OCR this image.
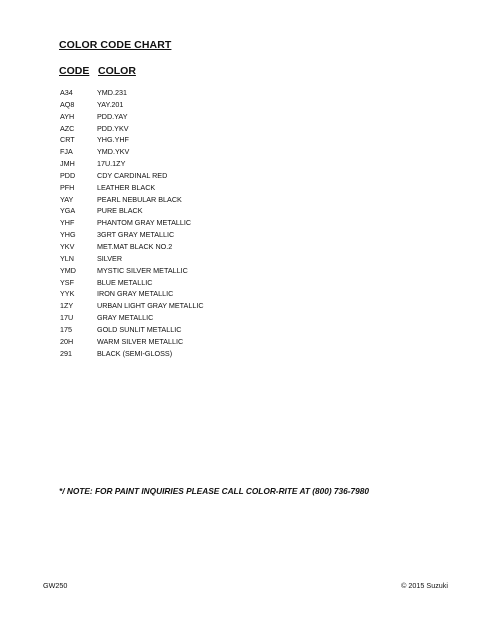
COLOR CODE CHART
CODE COLOR
A34	YMD.231
AQ8	YAY.201
AYH	PDD.YAY
AZC	PDD.YKV
CRT	YHG.YHF
FJA	YMD.YKV
JMH	17U.1ZY
PDD	CDY CARDINAL RED
PFH	LEATHER BLACK
YAY	PEARL NEBULAR BLACK
YGA	PURE BLACK
YHF	PHANTOM GRAY METALLIC
YHG	3GRT GRAY METALLIC
YKV	MET.MAT BLACK NO.2
YLN	SILVER
YMD	MYSTIC SILVER METALLIC
YSF	BLUE METALLIC
YYK	IRON GRAY METALLIC
1ZY	URBAN LIGHT GRAY METALLIC
17U	GRAY METALLIC
175	GOLD SUNLIT METALLIC
20H	WARM SILVER METALLIC
291	BLACK (SEMI-GLOSS)
*/ NOTE: FOR PAINT INQUIRIES PLEASE CALL COLOR-RITE AT (800) 736-7980
GW250	© 2015 Suzuki
